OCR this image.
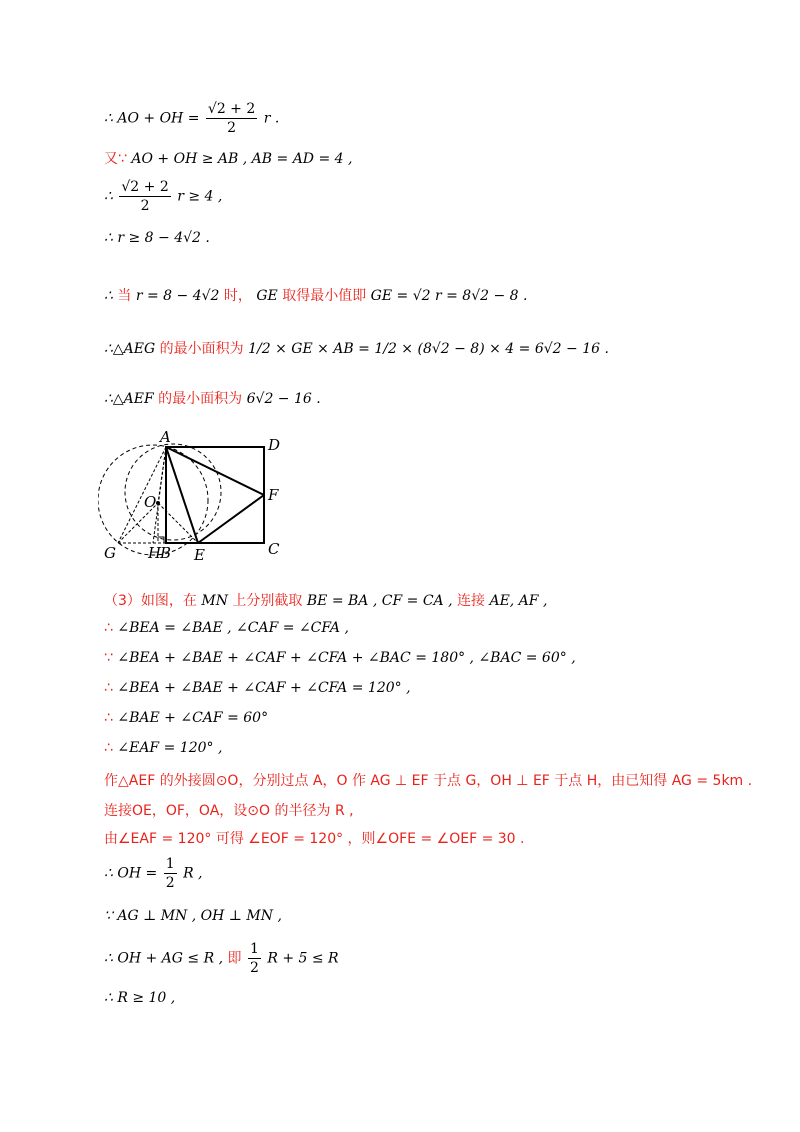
∴ AO + OH = $\frac{√2 + 2}{2}$ r .
又∵ AO + OH ≥ AB , AB = AD = 4 ,
∴ $\frac{√2 + 2}{2}$ r ≥ 4 ,
∴ r ≥ 8 − 4√2 .
∴ 当 r = 8 − 4√2 时， GE 取得最小值即 GE = √2 r = 8√2 − 8 .
∴△AEG 的最小面积为 1/2 × GE × AB = 1/2 × (8√2 − 8) × 4 = 6√2 − 16 .
∴△AEF 的最小面积为 6√2 − 16 .
A	D
O	F
G H
B E	C
（3）如图，在 MN 上分别截取 BE = BA , CF = CA , 连接 AE, AF ,
∴ ∠BEA = ∠BAE , ∠CAF = ∠CFA ,
∵ ∠BEA + ∠BAE + ∠CAF + ∠CFA + ∠BAC = 180° , ∠BAC = 60° ,
∴ ∠BEA + ∠BAE + ∠CAF + ∠CFA = 120° ,
∴ ∠BAE + ∠CAF = 60°
∴ ∠EAF = 120° ,
作△AEF 的外接圆⊙O，分别过点 A，O 作 AG ⊥ EF 于点 G，OH ⊥ EF 于点 H，由已知得 AG = 5km .
连接OE，OF，OA，设⊙O 的半径为 R ,
由∠EAF = 120° 可得 ∠EOF = 120° ，则∠OFE = ∠OEF = 30 .
∴ OH = $\frac{1}{2}$ R ,
∵ AG ⊥ MN , OH ⊥ MN ,
∴ OH + AG ≤ R , 即 $\frac{1}{2}$ R + 5 ≤ R
∴ R ≥ 10 ,
